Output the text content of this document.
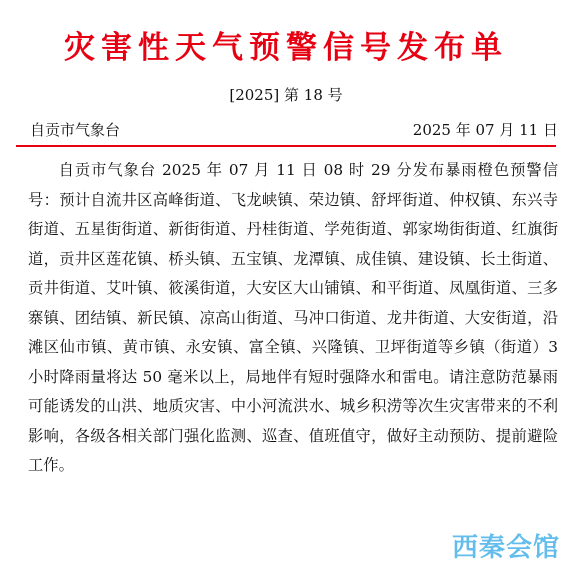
灾害性天气预警信号发布单
[2025] 第 18 号
自贡市气象台	2025 年 07 月 11 日

自贡市气象台 2025 年 07 月 11 日 08 时 29 分发布暴雨橙色预警信号：预计自流井区高峰街道、飞龙峡镇、荣边镇、舒坪街道、仲权镇、东兴寺街道、五星街街道、新街街道、丹桂街道、学苑街道、郭家坳街街道、红旗街道，贡井区莲花镇、桥头镇、五宝镇、龙潭镇、成佳镇、建设镇、长土街道、贡井街道、艾叶镇、筱溪街道，大安区大山铺镇、和平街道、凤凰街道、三多寨镇、团结镇、新民镇、凉高山街道、马冲口街道、龙井街道、大安街道，沿滩区仙市镇、黄市镇、永安镇、富全镇、兴隆镇、卫坪街道等乡镇（街道）3 小时降雨量将达 50 毫米以上，局地伴有短时强降水和雷电。请注意防范暴雨可能诱发的山洪、地质灾害、中小河流洪水、城乡积涝等次生灾害带来的不利影响，各级各相关部门强化监测、巡查、值班值守，做好主动预防、提前避险工作。

西秦会馆
